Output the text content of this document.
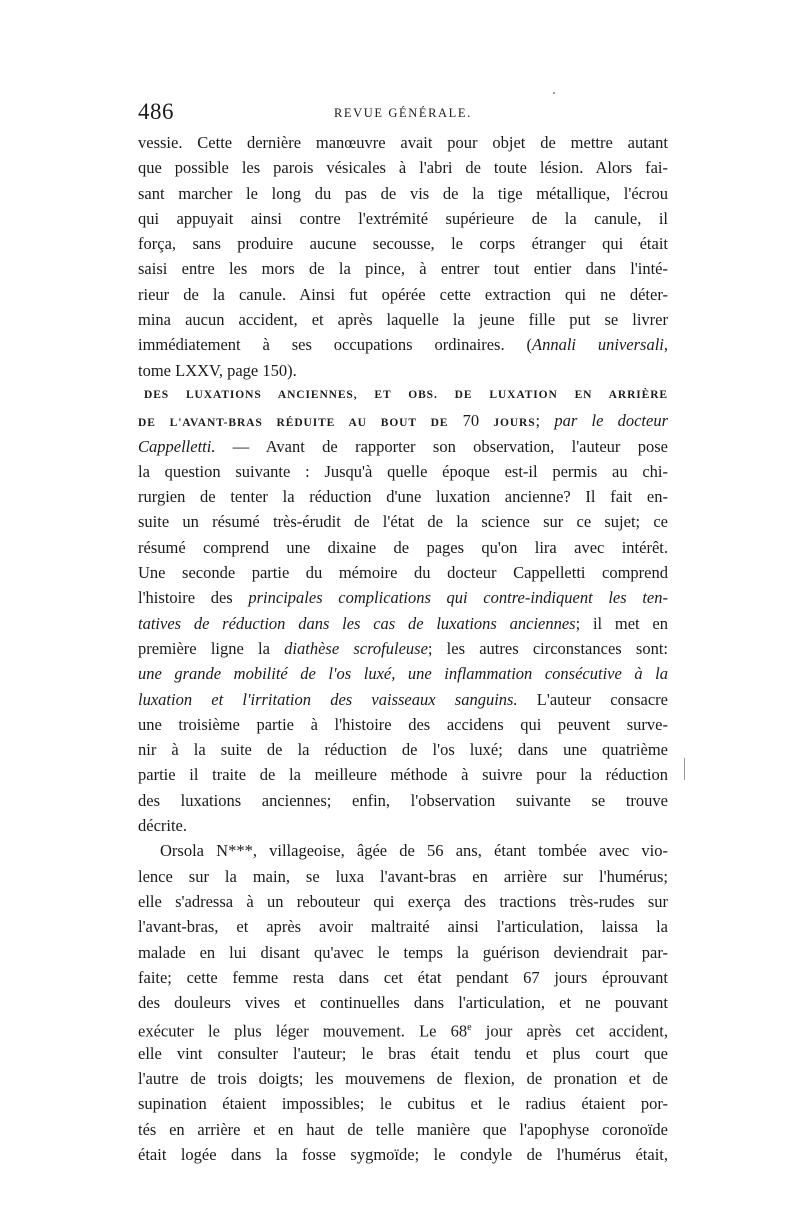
486	REVUE GÉNÉRALE.
vessie. Cette dernière manœuvre avait pour objet de mettre autant
que possible les parois vésicales à l'abri de toute lésion. Alors fai-
sant marcher le long du pas de vis de la tige métallique, l'écrou
qui appuyait ainsi contre l'extrémité supérieure de la canule, il
força, sans produire aucune secousse, le corps étranger qui était
saisi entre les mors de la pince, à entrer tout entier dans l'inté-
rieur de la canule. Ainsi fut opérée cette extraction qui ne déter-
mina aucun accident, et après laquelle la jeune fille put se livrer
immédiatement à ses occupations ordinaires. (Annali universali,
tome LXXV, page 150).
DES LUXATIONS ANCIENNES, ET OBS. DE LUXATION EN ARRIÈRE
DE L'AVANT-BRAS RÉDUITE AU BOUT DE 70 JOURS; par le docteur
Cappelletti. — Avant de rapporter son observation, l'auteur pose
la question suivante : Jusqu'à quelle époque est-il permis au chi-
rurgien de tenter la réduction d'une luxation ancienne? Il fait en-
suite un résumé très-érudit de l'état de la science sur ce sujet; ce
résumé comprend une dixaine de pages qu'on lira avec intérêt.
Une seconde partie du mémoire du docteur Cappelletti comprend
l'histoire des principales complications qui contre-indiquent les ten-
tatives de réduction dans les cas de luxations anciennes; il met en
première ligne la diathèse scrofuleuse; les autres circonstances sont:
une grande mobilité de l'os luxé, une inflammation consécutive à la
luxation et l'irritation des vaisseaux sanguins. L'auteur consacre
une troisième partie à l'histoire des accidens qui peuvent surve-
nir à la suite de la réduction de l'os luxé; dans une quatrième
partie il traite de la meilleure méthode à suivre pour la réduction
des luxations anciennes; enfin, l'observation suivante se trouve
décrite.
Orsola N***, villageoise, âgée de 56 ans, étant tombée avec vio-
lence sur la main, se luxa l'avant-bras en arrière sur l'humérus;
elle s'adressa à un rebouteur qui exerça des tractions très-rudes sur
l'avant-bras, et après avoir maltraité ainsi l'articulation, laissa la
malade en lui disant qu'avec le temps la guérison deviendrait par-
faite; cette femme resta dans cet état pendant 67 jours éprouvant
des douleurs vives et continuelles dans l'articulation, et ne pouvant
exécuter le plus léger mouvement. Le 68e jour après cet accident,
elle vint consulter l'auteur; le bras était tendu et plus court que
l'autre de trois doigts; les mouvemens de flexion, de pronation et de
supination étaient impossibles; le cubitus et le radius étaient por-
tés en arrière et en haut de telle manière que l'apophyse coronoïde
était logée dans la fosse sygmoïde; le condyle de l'humérus était,
